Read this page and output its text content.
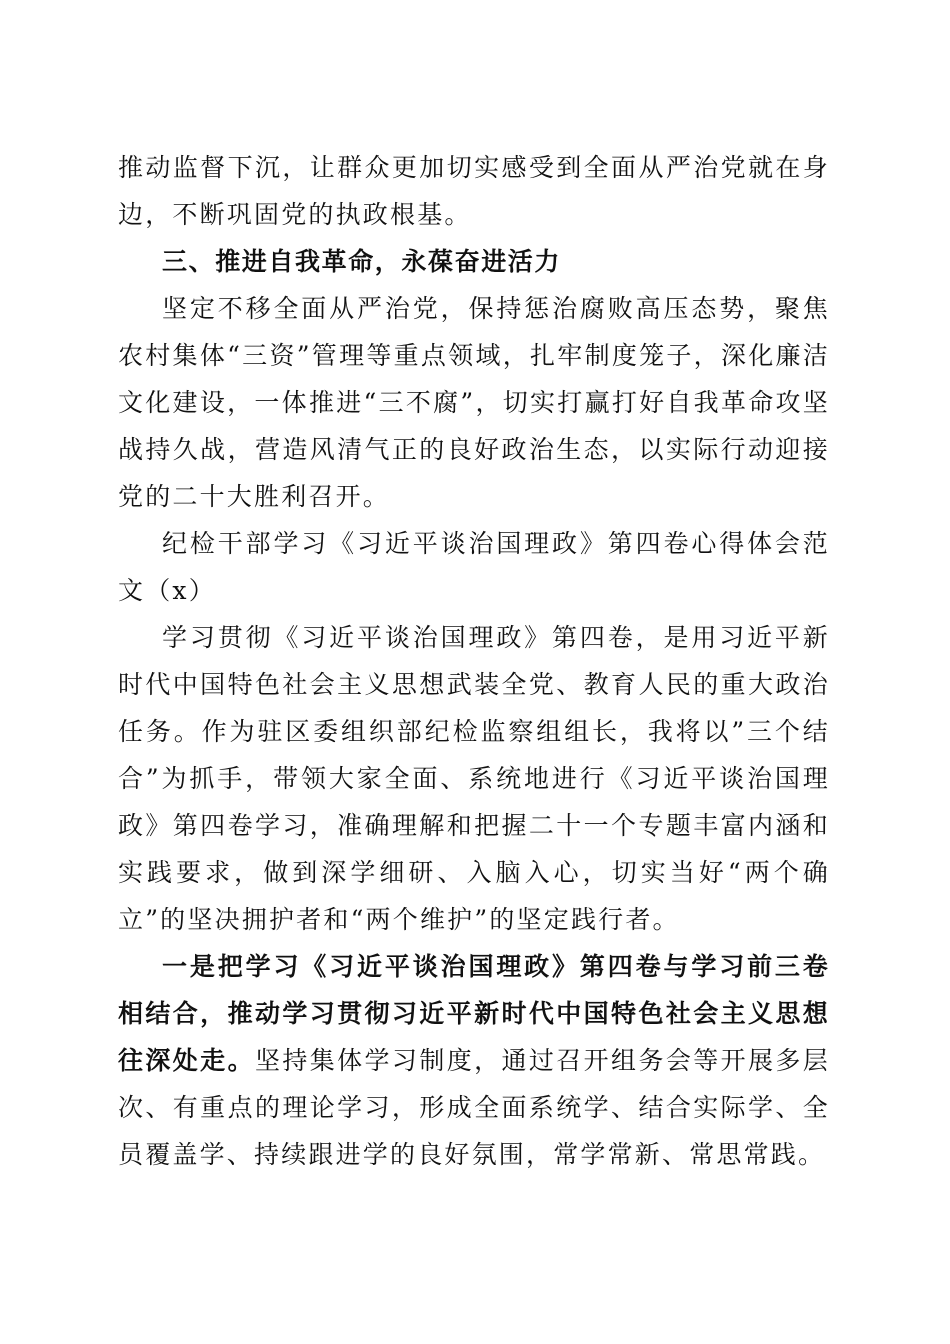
推动监督下沉，让群众更加切实感受到全面从严治党就在身边，不断巩固党的执政根基。

三、推进自我革命，永葆奋进活力

坚定不移全面从严治党，保持惩治腐败高压态势，聚焦农村集体“三资”管理等重点领域，扎牢制度笼子，深化廉洁文化建设，一体推进“三不腐”，切实打赢打好自我革命攻坚战持久战，营造风清气正的良好政治生态，以实际行动迎接党的二十大胜利召开。

纪检干部学习《习近平谈治国理政》第四卷心得体会范文（x）

学习贯彻《习近平谈治国理政》第四卷，是用习近平新时代中国特色社会主义思想武装全党、教育人民的重大政治任务。作为驻区委组织部纪检监察组组长，我将以”三个结合”为抓手，带领大家全面、系统地进行《习近平谈治国理政》第四卷学习，准确理解和把握二十一个专题丰富内涵和实践要求，做到深学细研、入脑入心，切实当好“两个确立”的坚决拥护者和“两个维护”的坚定践行者。

一是把学习《习近平谈治国理政》第四卷与学习前三卷相结合，推动学习贯彻习近平新时代中国特色社会主义思想往深处走。坚持集体学习制度，通过召开组务会等开展多层次、有重点的理论学习，形成全面系统学、结合实际学、全员覆盖学、持续跟进学的良好氛围，常学常新、常思常践。
